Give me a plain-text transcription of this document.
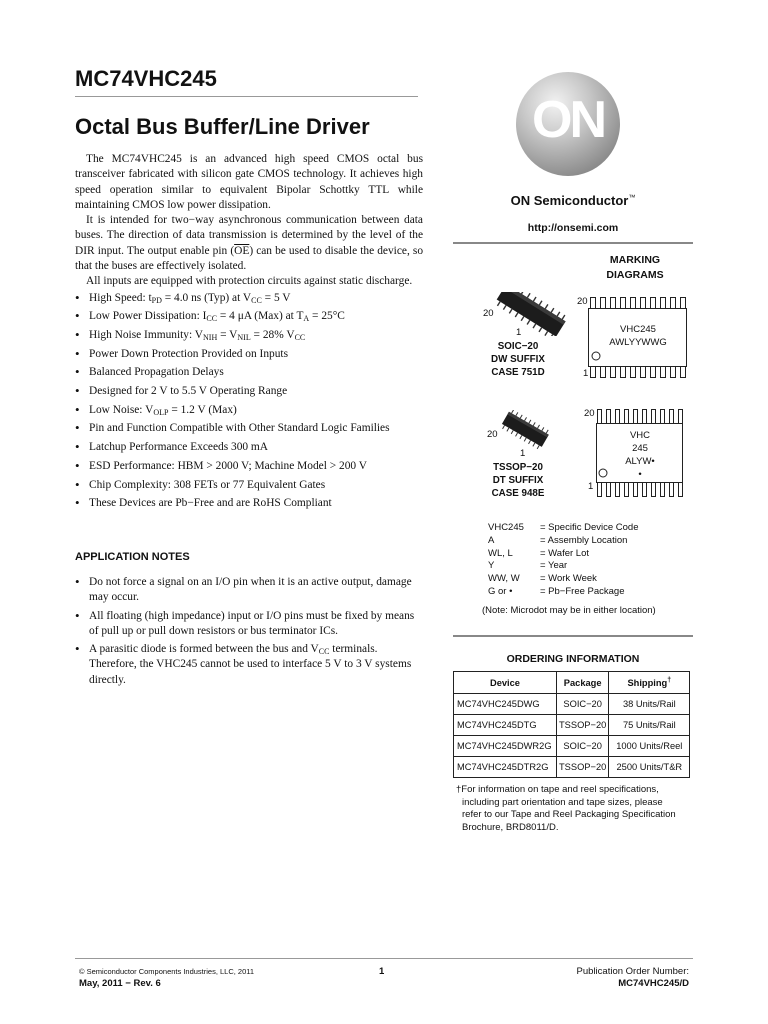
MC74VHC245
Octal Bus Buffer/Line Driver

The MC74VHC245 is an advanced high speed CMOS octal bus transceiver fabricated with silicon gate CMOS technology. It achieves high speed operation similar to equivalent Bipolar Schottky TTL while maintaining CMOS low power dissipation.

It is intended for two−way asynchronous communication between data buses. The direction of data transmission is determined by the level of the DIR input. The output enable pin $(\overline{OE})$ can be used to disable the device, so that the buses are effectively isolated.

All inputs are equipped with protection circuits against static discharge.

• High Speed: $t_{PD} = 4.0$ ns (Typ) at $V_{CC} = 5$ V
• Low Power Dissipation: $I_{CC} = 4$ μA (Max) at $T_A = 25^\circ C$
• High Noise Immunity: $V_{NIH} = V_{NIL} = 28\%$ $V_{CC}$
• Power Down Protection Provided on Inputs
• Balanced Propagation Delays
• Designed for 2 V to 5.5 V Operating Range
• Low Noise: $V_{OLP} = 1.2$ V (Max)
• Pin and Function Compatible with Other Standard Logic Families
• Latchup Performance Exceeds 300 mA
• ESD Performance: HBM > 2000 V; Machine Model > 200 V
• Chip Complexity: 308 FETs or 77 Equivalent Gates
• These Devices are Pb−Free and are RoHS Compliant
APPLICATION NOTES
• Do not force a signal on an I/O pin when it is an active output, damage may occur.
• All floating (high impedance) input or I/O pins must be fixed by means of pull up or pull down resistors or bus terminator ICs.
• A parasitic diode is formed between the bus and $V_{CC}$ terminals. Therefore, the VHC245 cannot be used to interface 5 V to 3 V systems directly.
ON
ON Semiconductor™
http://onsemi.com
MARKING
DIAGRAMS
20
1
SOIC−20
DW SUFFIX
CASE 751D
20
1
VHC245
AWLYYWWG
20
1
TSSOP−20
DT SUFFIX
CASE 948E
20
1
VHC
245
ALYW•
•
VHC245 = Specific Device Code
A	= Assembly Location
WL, L	= Wafer Lot
Y	= Year
WW, W = Work Week
G or •	= Pb−Free Package
(Note: Microdot may be in either location)
ORDERING INFORMATION
Device	Package	Shipping†
MC74VHC245DWG	SOIC−20	38 Units/Rail
MC74VHC245DTG	TSSOP−20	75 Units/Rail
MC74VHC245DWR2G	SOIC−20	1000 Units/Reel
MC74VHC245DTR2G	TSSOP−20	2500 Units/T&R
†For information on tape and reel specifications,
including part orientation and tape sizes, please
refer to our Tape and Reel Packaging Specification
Brochure, BRD8011/D.
© Semiconductor Components Industries, LLC, 2011
May, 2011 − Rev. 6
1	Publication Order Number:
MC74VHC245/D
